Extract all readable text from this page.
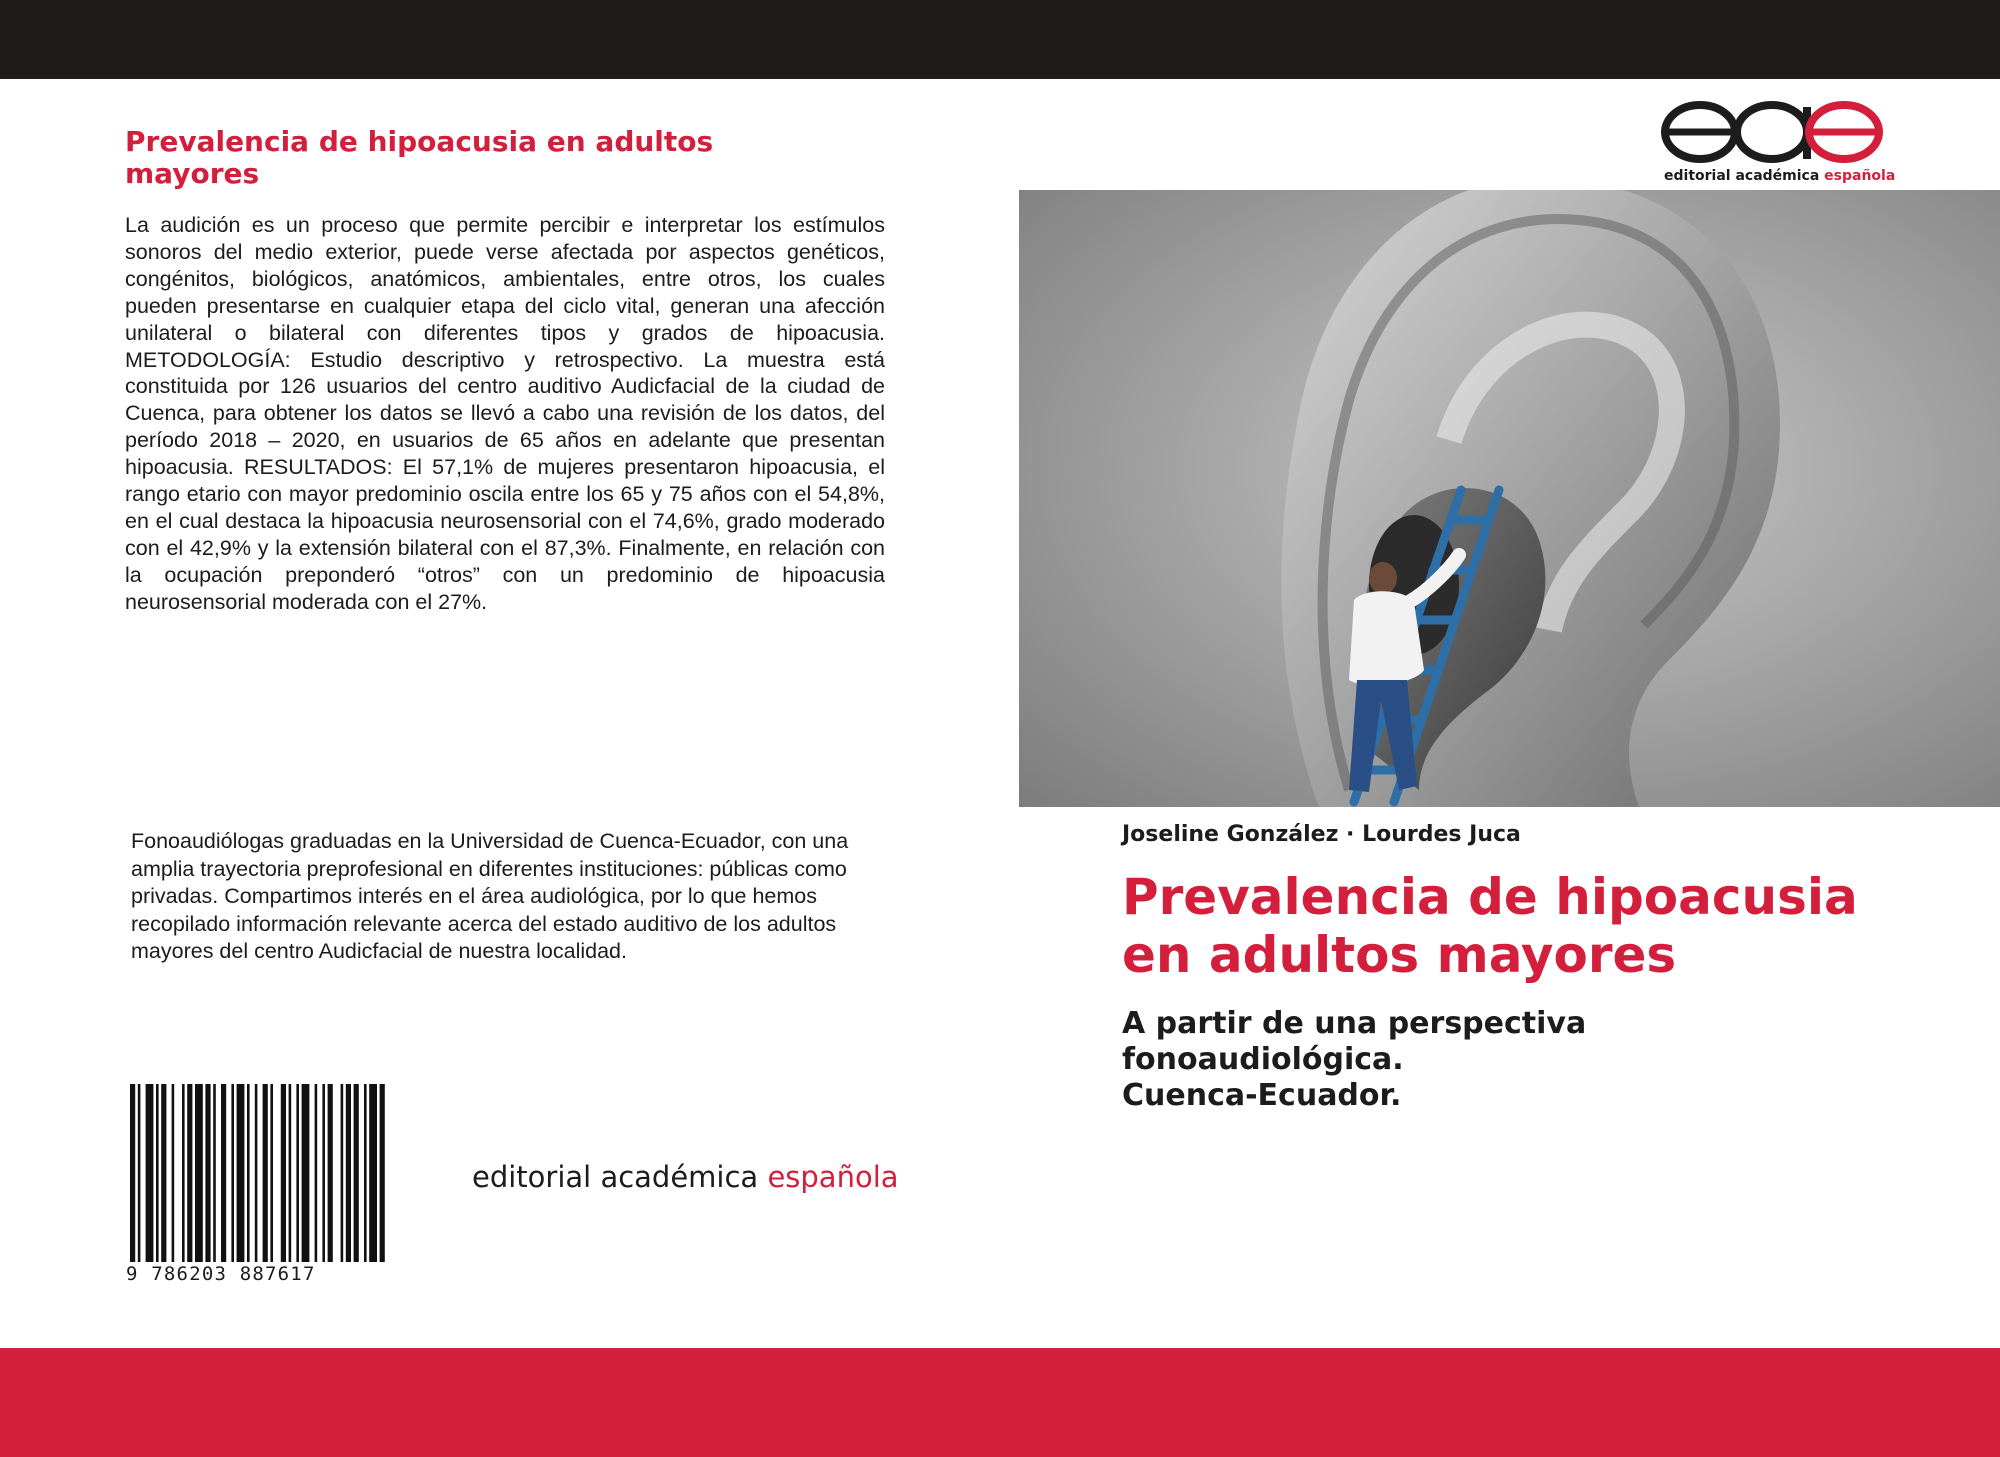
Prevalencia de hipoacusia en adultos
mayores

La audición es un proceso que permite percibir e interpretar los estímulos sonoros del medio exterior, puede verse afectada por aspectos genéticos, congénitos, biológicos, anatómicos, ambientales, entre otros, los cuales pueden presentarse en cualquier etapa del ciclo vital, generan una afección unilateral o bilateral con diferentes tipos y grados de hipoacusia. METODOLOGÍA: Estudio descriptivo y retrospectivo. La muestra está constituida por 126 usuarios del centro auditivo Audicfacial de la ciudad de Cuenca, para obtener los datos se llevó a cabo una revisión de los datos, del período 2018 – 2020, en usuarios de 65 años en adelante que presentan hipoacusia. RESULTADOS: El 57,1% de mujeres presentaron hipoacusia, el rango etario con mayor predominio oscila entre los 65 y 75 años con el 54,8%, en el cual destaca la hipoacusia neurosensorial con el 74,6%, grado moderado con el 42,9% y la extensión bilateral con el 87,3%. Finalmente, en relación con la ocupación preponderó “otros” con un predominio de hipoacusia neurosensorial moderada con el 27%.

Fonoaudiólogas graduadas en la Universidad de Cuenca-Ecuador, con una amplia trayectoria preprofesional en diferentes instituciones: públicas como privadas. Compartimos interés en el área audiológica, por lo que hemos recopilado información relevante acerca del estado auditivo de los adultos mayores del centro Audicfacial de nuestra localidad.

9 786203 887617
editorial académica española
editorial académica española
Joseline González · Lourdes Juca
Prevalencia de hipoacusia
en adultos mayores
A partir de una perspectiva
fonoaudiológica.
Cuenca-Ecuador.
